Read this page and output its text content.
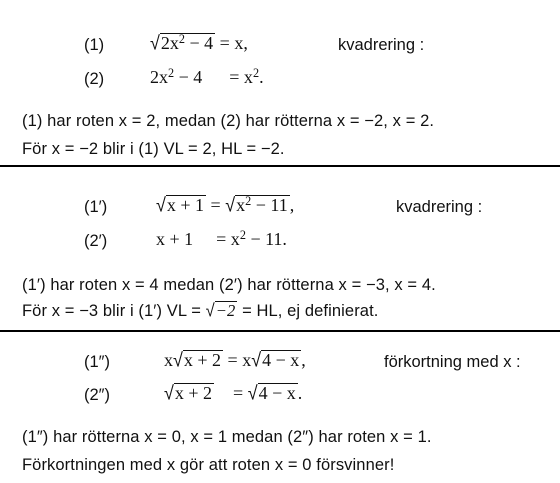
(1)	$√2x^2 - 4 = x$,	kvadrering :
(2)	$2x^2 - 4 = x^2$.
(1) har roten x = 2, medan (2) har rötterna x = −2, x = 2.
För x = −2 blir i (1) VL = 2, HL = −2.
(1′)	$√x + 1 = √x^2 - 11$ ,	kvadrering :
(2′)	$x + 1 = x^2 - 11$.
(1′) har roten x = 4 medan (2′) har rötterna x = −3, x = 4.
För x = −3 blir i (1′) VL = √−2 = HL, ej definierat.
(1″)	x√x + 2 = x√4 − x ,	förkortning med x :
(2″)	√x + 2 = √4 − x .
(1″) har rötterna x = 0, x = 1 medan (2″) har roten x = 1.
Förkortningen med x gör att roten x = 0 försvinner!
